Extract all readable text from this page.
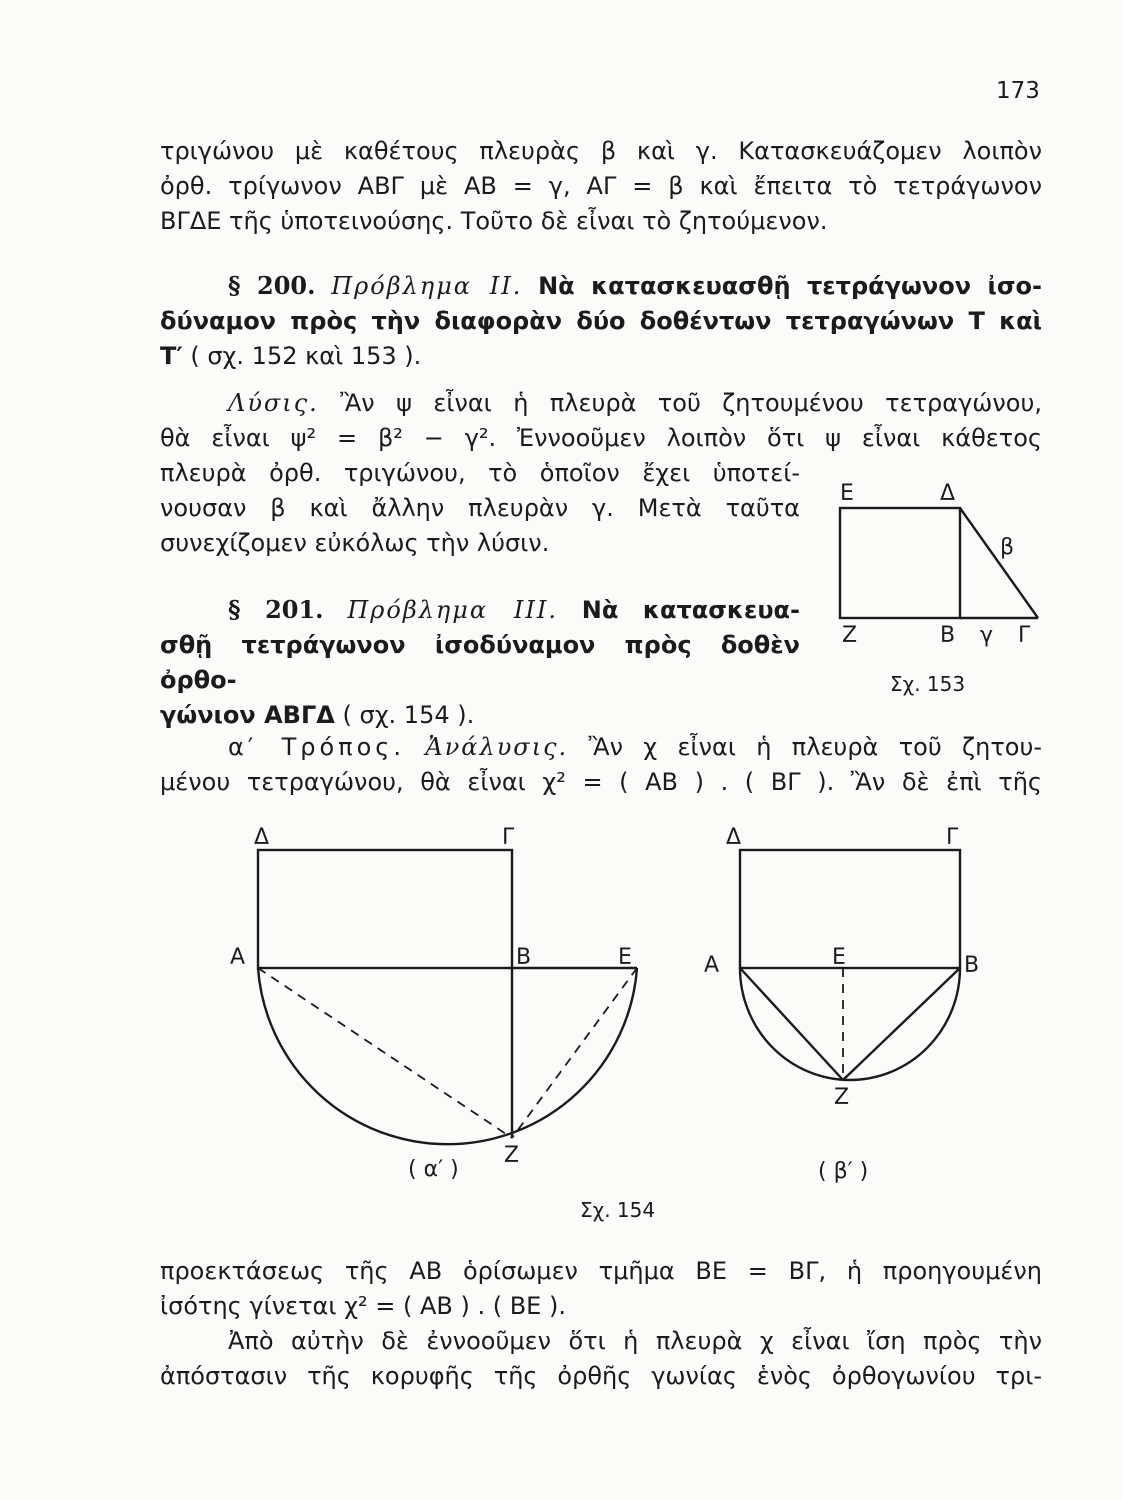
173

τριγώνου μὲ καθέτους πλευρὰς β καὶ γ. Κατασκευάζομεν λοιπὸν
ὀρθ. τρίγωνον ΑΒΓ μὲ ΑΒ = γ, ΑΓ = β καὶ ἔπειτα τὸ τετράγωνον
ΒΓΔΕ τῆς ὑποτεινούσης. Τοῦτο δὲ εἶναι τὸ ζητούμενον.

§ 200. Πρόβλημα ΙΙ. Νὰ κατασκευασθῇ τετράγωνον ἰσο-
δύναμον πρὸς τὴν διαφορὰν δύο δοθέντων τετραγώνων Τ καὶ
Τ′ ( σχ. 152 καὶ 153 ).

Λύσις. Ἂν ψ εἶναι ἡ πλευρὰ τοῦ ζητουμένου τετραγώνου,
θὰ εἶναι ψ² = β² − γ². Ἐννοοῦμεν λοιπὸν ὅτι ψ εἶναι κάθετος
πλευρὰ ὀρθ. τριγώνου, τὸ ὁποῖον ἔχει ὑποτεί-
νουσαν β καὶ ἄλλην πλευρὰν γ. Μετὰ ταῦτα
συνεχίζομεν εὐκόλως τὴν λύσιν.

§ 201. Πρόβλημα ΙΙΙ. Νὰ κατασκευα-
σθῇ τετράγωνον ἰσοδύναμον πρὸς δοθὲν ὀρθο-
γώνιον ΑΒΓΔ ( σχ. 154 ).

α′ Τρόπος. Ἀνάλυσις. Ἂν χ εἶναι ἡ πλευρὰ τοῦ ζητου-
μένου τετραγώνου, θὰ εἶναι χ² = ( ΑΒ ) . ( ΒΓ ). Ἂν δὲ ἐπὶ τῆς

Ε	Δ
β
Ζ	Β γ Γ
Σχ. 153
Δ	Γ
Α	Β	Ε
Ζ
( α′ )
Δ	Γ
Α	Ε	Β
Ζ
( β′ )
Σχ. 154

προεκτάσεως τῆς ΑΒ ὁρίσωμεν τμῆμα ΒΕ = ΒΓ, ἡ προηγουμένη
ἰσότης γίνεται χ² = ( ΑΒ ) . ( ΒΕ ).
Ἀπὸ αὐτὴν δὲ ἐννοοῦμεν ὅτι ἡ πλευρὰ χ εἶναι ἴση πρὸς τὴν
ἀπόστασιν τῆς κορυφῆς τῆς ὀρθῆς γωνίας ἑνὸς ὀρθογωνίου τρι-
